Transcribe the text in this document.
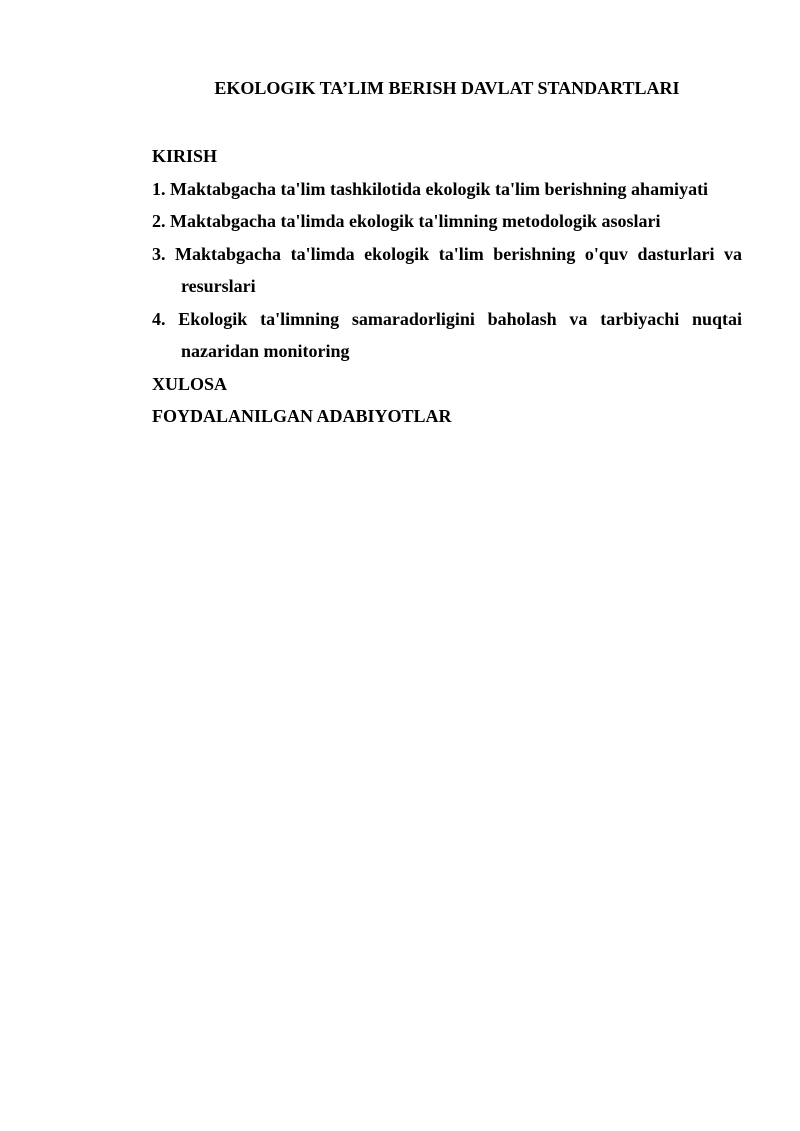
EKOLOGIK TA’LIM BERISH DAVLAT STANDARTLARI
KIRISH
1. Maktabgacha ta'lim tashkilotida ekologik ta'lim berishning ahamiyati
2. Maktabgacha ta'limda ekologik ta'limning metodologik asoslari
3. Maktabgacha ta'limda ekologik ta'lim berishning o'quv dasturlari va resurslari
4. Ekologik ta'limning samaradorligini baholash va tarbiyachi nuqtai nazaridan monitoring
XULOSA
FOYDALANILGAN ADABIYOTLAR
